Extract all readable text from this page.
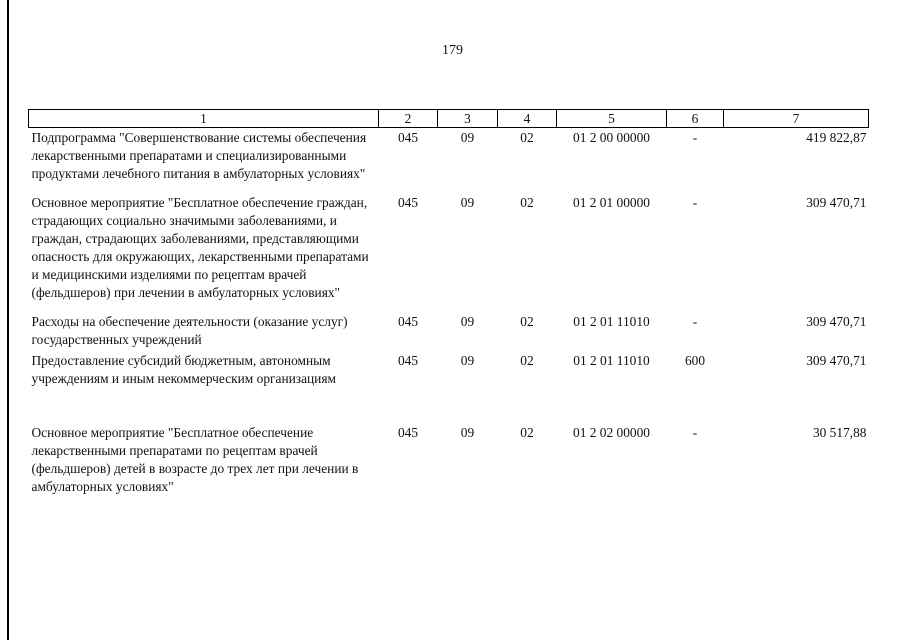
179
1	2	3	4	5	6	7
Подпрограмма "Совершенствование системы обеспечения лекарственными препаратами и специализированными продуктами лечебного питания в амбулаторных условиях"	045	09	02	01 2 00 00000	-	419 822,87
Основное мероприятие "Бесплатное обеспечение граждан, страдающих социально значимыми заболеваниями, и граждан, страдающих заболеваниями, представляющими опасность для окружающих, лекарственными препаратами и медицинскими изделиями по рецептам врачей (фельдшеров) при лечении в амбулаторных условиях"	045	09	02	01 2 01 00000	-	309 470,71
Расходы на обеспечение деятельности (оказание услуг) государственных учреждений	045	09	02	01 2 01 11010	-	309 470,71
Предоставление субсидий бюджетным, автономным учреждениям и иным некоммерческим организациям	045	09	02	01 2 01 11010	600	309 470,71
Основное мероприятие "Бесплатное обеспечение лекарственными препаратами по рецептам врачей (фельдшеров) детей в возрасте до трех лет при лечении в амбулаторных условиях"	045	09	02	01 2 02 00000	-	30 517,88
